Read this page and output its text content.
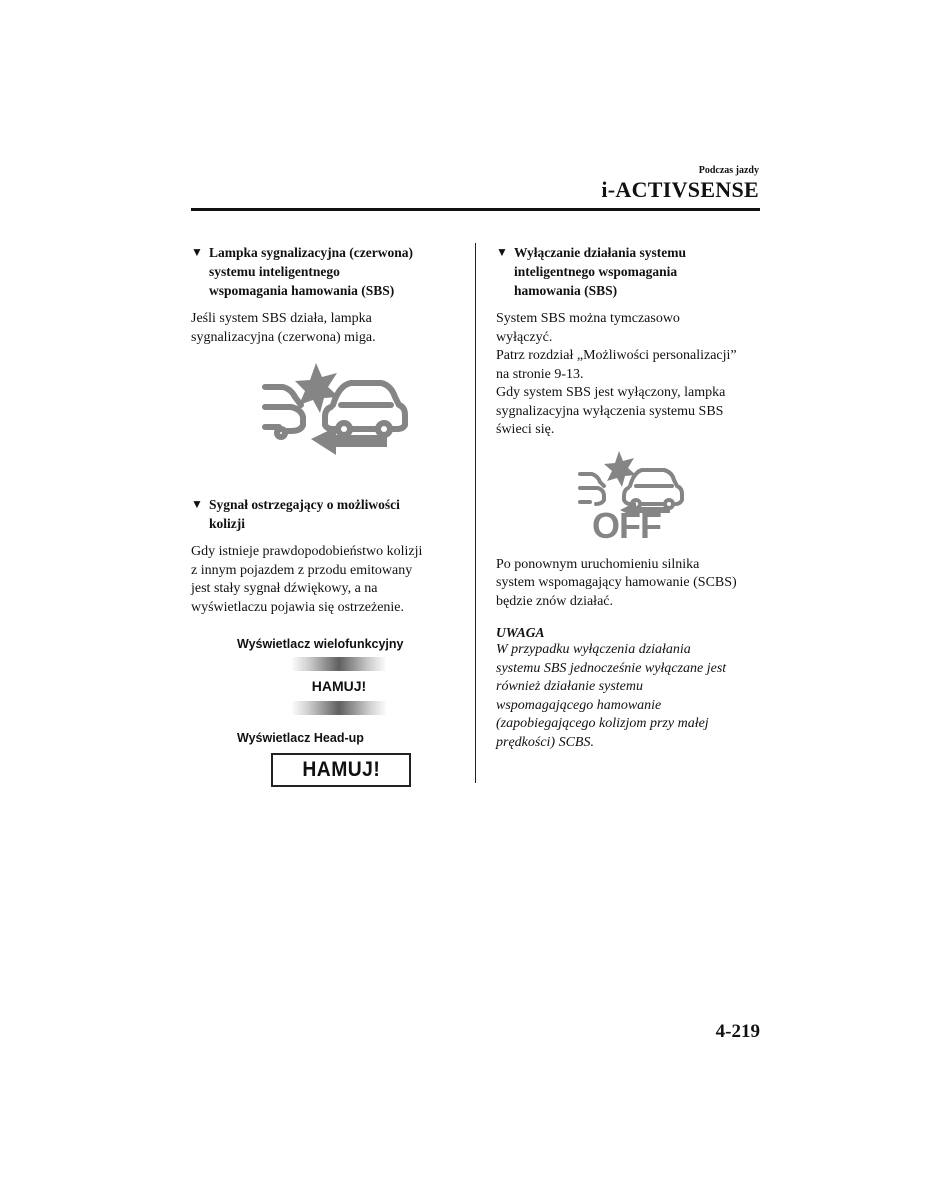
Podczas jazdy
i-ACTIVSENSE
▼ Lampka sygnalizacyjna (czerwona)
systemu inteligentnego
wspomagania hamowania (SBS)

Jeśli system SBS działa, lampka
sygnalizacyjna (czerwona) miga.

▼ Sygnał ostrzegający o możliwości
kolizji

Gdy istnieje prawdopodobieństwo kolizji
z innym pojazdem z przodu emitowany
jest stały sygnał dźwiękowy, a na
wyświetlaczu pojawia się ostrzeżenie.

Wyświetlacz wielofunkcyjny
HAMUJ!
Wyświetlacz Head-up
HAMUJ!
▼ Wyłączanie działania systemu
inteligentnego wspomagania
hamowania (SBS)

System SBS można tymczasowo
wyłączyć.
Patrz rozdział „Możliwości personalizacji”
na stronie 9-13.
Gdy system SBS jest wyłączony, lampka
sygnalizacyjna wyłączenia systemu SBS
świeci się.

OFF

Po ponownym uruchomieniu silnika
system wspomagający hamowanie (SCBS)
będzie znów działać.

UWAGA

W przypadku wyłączenia działania
systemu SBS jednocześnie wyłączane jest
również działanie systemu
wspomagającego hamowanie
(zapobiegającego kolizjom przy małej
prędkości) SCBS.

4-219
